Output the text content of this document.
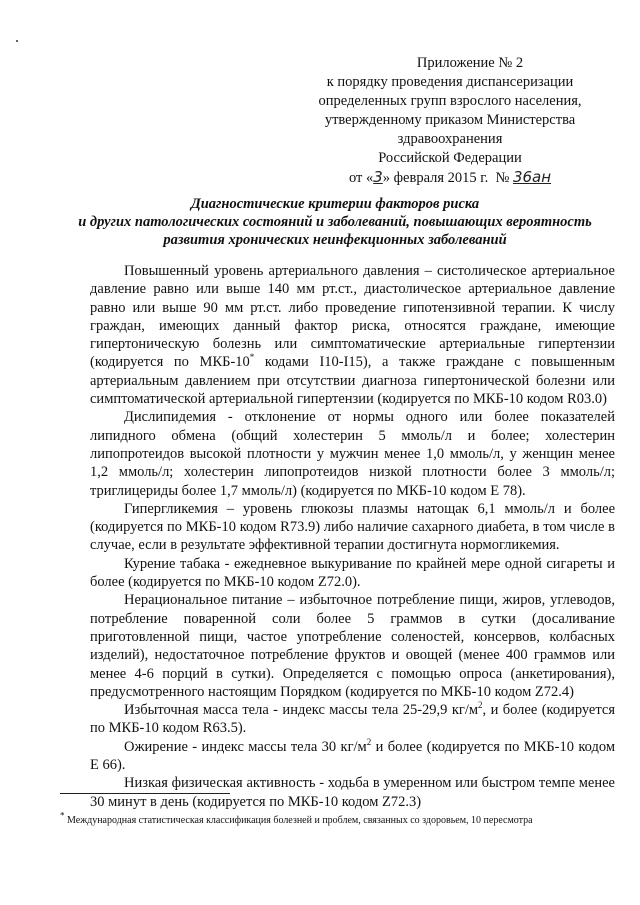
Приложение № 2
к порядку проведения диспансеризации
определенных групп взрослого населения,
утвержденному приказом Министерства
здравоохранения
Российской Федерации
от «3» февраля 2015 г. № 36ан
Диагностические критерии факторов риска
и других патологических состояний и заболеваний, повышающих вероятность
развития хронических неинфекционных заболеваний

Повышенный уровень артериального давления – систолическое артериальное давление равно или выше 140 мм рт.ст., диастолическое артериальное давление равно или выше 90 мм рт.ст. либо проведение гипотензивной терапии. К числу граждан, имеющих данный фактор риска, относятся граждане, имеющие гипертоническую болезнь или симптоматические артериальные гипертензии (кодируется по МКБ-10* кодами I10-I15), а также граждане с повышенным артериальным давлением при отсутствии диагноза гипертонической болезни или симптоматической артериальной гипертензии (кодируется по МКБ-10 кодом R03.0)

Дислипидемия - отклонение от нормы одного или более показателей липидного обмена (общий холестерин 5 ммоль/л и более; холестерин липопротеидов высокой плотности у мужчин менее 1,0 ммоль/л, у женщин менее 1,2 ммоль/л; холестерин липопротеидов низкой плотности более 3 ммоль/л; триглицериды более 1,7 ммоль/л) (кодируется по МКБ-10 кодом E 78).

Гипергликемия – уровень глюкозы плазмы натощак 6,1 ммоль/л и более (кодируется по МКБ-10 кодом R73.9) либо наличие сахарного диабета, в том числе в случае, если в результате эффективной терапии достигнута нормогликемия.

Курение табака - ежедневное выкуривание по крайней мере одной сигареты и более (кодируется по МКБ-10 кодом Z72.0).

Нерациональное питание – избыточное потребление пищи, жиров, углеводов, потребление поваренной соли более 5 граммов в сутки (досаливание приготовленной пищи, частое употребление соленостей, консервов, колбасных изделий), недостаточное потребление фруктов и овощей (менее 400 граммов или менее 4-6 порций в сутки). Определяется с помощью опроса (анкетирования), предусмотренного настоящим Порядком (кодируется по МКБ-10 кодом Z72.4)

Избыточная масса тела - индекс массы тела 25-29,9 $кг/м^2$, и более (кодируется по МКБ-10 кодом R63.5).

Ожирение - индекс массы тела 30 $кг/м^2$ и более (кодируется по МКБ-10 кодом E 66).

Низкая физическая активность - ходьба в умеренном или быстром темпе менее 30 минут в день (кодируется по МКБ-10 кодом Z72.3)

* Международная статистическая классификация болезней и проблем, связанных со здоровьем, 10 пересмотра
